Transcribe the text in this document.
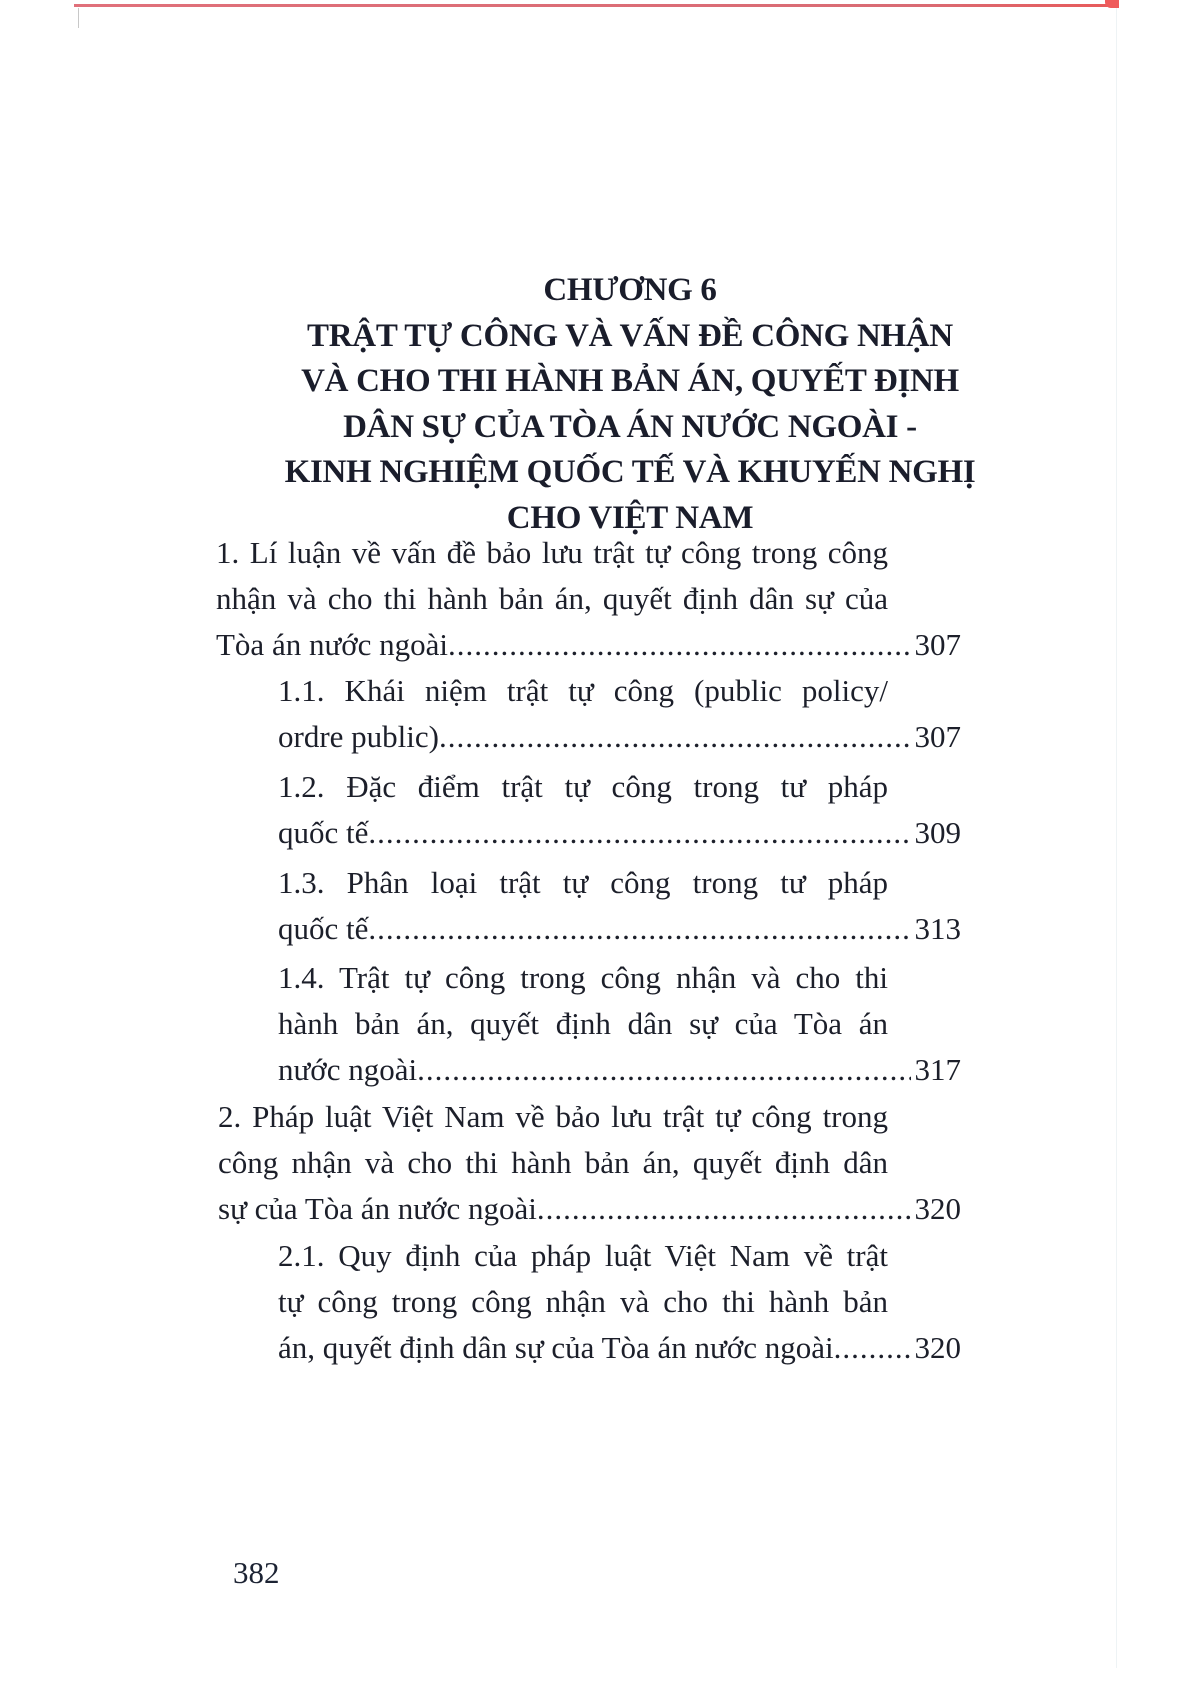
CHƯƠNG 6
TRẬT TỰ CÔNG VÀ VẤN ĐỀ CÔNG NHẬN
VÀ CHO THI HÀNH BẢN ÁN, QUYẾT ĐỊNH
DÂN SỰ CỦA TÒA ÁN NƯỚC NGOÀI -
KINH NGHIỆM QUỐC TẾ VÀ KHUYẾN NGHỊ
CHO VIỆT NAM
1. Lí luận về vấn đề bảo lưu trật tự công trong công
nhận và cho thi hành bản án, quyết định dân sự của
Tòa án nước ngoài .....	307
1.1. Khái niệm trật tự công (public policy/
ordre public) .....	307
1.2. Đặc điểm trật tự công trong tư pháp
quốc tế .....	309
1.3. Phân loại trật tự công trong tư pháp
quốc tế .....	313
1.4. Trật tự công trong công nhận và cho thi
hành bản án, quyết định dân sự của Tòa án
nước ngoài .....	317
2. Pháp luật Việt Nam về bảo lưu trật tự công trong
công nhận và cho thi hành bản án, quyết định dân
sự của Tòa án nước ngoài .....	320
2.1. Quy định của pháp luật Việt Nam về trật
tự công trong công nhận và cho thi hành bản
án, quyết định dân sự của Tòa án nước ngoài .....	320
382
